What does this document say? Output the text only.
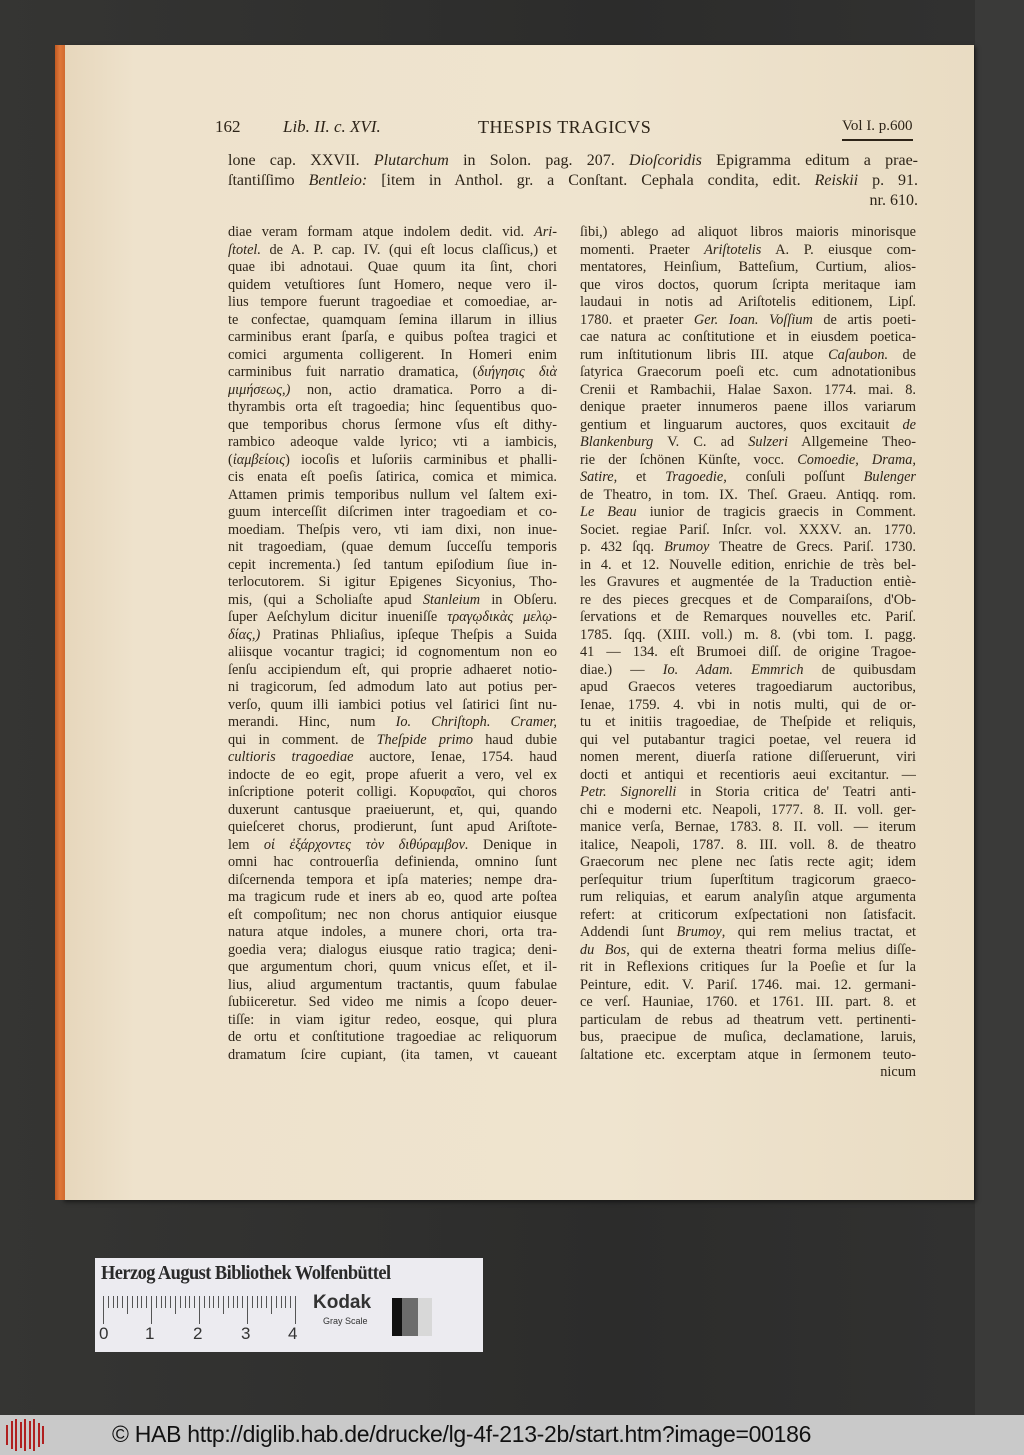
162	Lib. II. c. XVI.	THESPIS TRAGICVS	Vol I. p.600
lone cap. XXVII. Plutarchum in Solon. pag. 207. Dioſcoridis Epigramma editum a prae-
ſtantiſſimo Bentleio: [item in Anthol. gr. a Conſtant. Cephala condita, edit. Reiskii p. 91.
nr. 610.
diae veram formam atque indolem dedit. vid. Ari-
ſtotel. de A. P. cap. IV. (qui eſt locus claſſicus,) et
quae ibi adnotaui. Quae quum ita ſint, chori
quidem vetuſtiores ſunt Homero, neque vero il-
lius tempore fuerunt tragoediae et comoediae, ar-
te confectae, quamquam ſemina illarum in illius
carminibus erant ſparſa, e quibus poſtea tragici et
comici argumenta colligerent. In Homeri enim
carminibus fuit narratio dramatica, (διήγησις διὰ
μιμήσεως,) non, actio dramatica. Porro a di-
thyrambis orta eſt tragoedia; hinc ſequentibus quo-
que temporibus chorus ſermone vſus eſt dithy-
rambico adeoque valde lyrico; vti a iambicis,
(ἰαμβείοις) iocoſis et luſoriis carminibus et phalli-
cis enata eſt poeſis ſatirica, comica et mimica.
Attamen primis temporibus nullum vel ſaltem exi-
guum interceſſit diſcrimen inter tragoediam et co-
moediam. Theſpis vero, vti iam dixi, non inue-
nit tragoediam, (quae demum ſucceſſu temporis
cepit incrementa.) ſed tantum epiſodium ſiue in-
terlocutorem. Si igitur Epigenes Sicyonius, Tho-
mis, (qui a Scholiaſte apud Stanleium in Obſeru.
ſuper Aeſchylum dicitur inueniſſe τραγῳδικὰς μελῳ-
δίας,) Pratinas Phliaſius, ipſeque Theſpis a Suida
aliisque vocantur tragici; id cognomentum non eo
ſenſu accipiendum eſt, qui proprie adhaeret notio-
ni tragicorum, ſed admodum lato aut potius per-
verſo, quum illi iambici potius vel ſatirici ſint nu-
merandi. Hinc, num Io. Chriſtoph. Cramer,
qui in comment. de Theſpide primo haud dubie
cultioris tragoediae auctore, Ienae, 1754. haud
indocte de eo egit, prope afuerit a vero, vel ex
inſcriptione poterit colligi. Κορυφαῖοι, qui choros
duxerunt cantusque praeiuerunt, et, qui, quando
quieſceret chorus, prodierunt, ſunt apud Ariſtote-
lem οἱ ἐξάρχοντες τὸν διθύραμβον. Denique in
omni hac controuerſia definienda, omnino ſunt
diſcernenda tempora et ipſa materies; nempe dra-
ma tragicum rude et iners ab eo, quod arte poſtea
eſt compoſitum; nec non chorus antiquior eiusque
natura atque indoles, a munere chori, orta tra-
goedia vera; dialogus eiusque ratio tragica; deni-
que argumentum chori, quum vnicus eſſet, et il-
lius, aliud argumentum tractantis, quum fabulae
ſubiiceretur. Sed video me nimis a ſcopo deuer-
tiſſe: in viam igitur redeo, eosque, qui plura
de ortu et conſtitutione tragoediae ac reliquorum
dramatum ſcire cupiant, (ita tamen, vt caueant
ſibi,) ablego ad aliquot libros maioris minorisque
momenti. Praeter Ariſtotelis A. P. eiusque com-
mentatores, Heinſium, Batteſium, Curtium, alios-
que viros doctos, quorum ſcripta meritaque iam
laudaui in notis ad Ariſtotelis editionem, Lipſ.
1780. et praeter Ger. Ioan. Voſſium de artis poeti-
cae natura ac conſtitutione et in eiusdem poetica-
rum inſtitutionum libris III. atque Caſaubon. de
ſatyrica Graecorum poeſi etc. cum adnotationibus
Crenii et Rambachii, Halae Saxon. 1774. mai. 8.
denique praeter innumeros paene illos variarum
gentium et linguarum auctores, quos excitauit de
Blankenburg V. C. ad Sulzeri Allgemeine Theo-
rie der ſchönen Künſte, vocc. Comoedie, Drama,
Satire, et Tragoedie, conſuli poſſunt Bulenger
de Theatro, in tom. IX. Theſ. Graeu. Antiqq. rom.
Le Beau iunior de tragicis graecis in Comment.
Societ. regiae Pariſ. Inſcr. vol. XXXV. an. 1770.
p. 432 ſqq. Brumoy Theatre de Grecs. Pariſ. 1730.
in 4. et 12. Nouvelle edition, enrichie de très bel-
les Gravures et augmentée de la Traduction entiè-
re des pieces grecques et de Comparaiſons, d'Ob-
ſervations et de Remarques nouvelles etc. Pariſ.
1785. ſqq. (XIII. voll.) m. 8. (vbi tom. I. pagg.
41 — 134. eſt Brumoei diſſ. de origine Tragoe-
diae.) — Io. Adam. Emmrich de quibusdam
apud Graecos veteres tragoediarum auctoribus,
Ienae, 1759. 4. vbi in notis multi, qui de or-
tu et initiis tragoediae, de Theſpide et reliquis,
qui vel putabantur tragici poetae, vel reuera id
nomen merent, diuerſa ratione diſſeruerunt, viri
docti et antiqui et recentioris aeui excitantur. —
Petr. Signorelli in Storia critica de' Teatri anti-
chi e moderni etc. Neapoli, 1777. 8. II. voll. ger-
manice verſa, Bernae, 1783. 8. II. voll. — iterum
italice, Neapoli, 1787. 8. III. voll. 8. de theatro
Graecorum nec plene nec ſatis recte agit; idem
perſequitur trium ſuperſtitum tragicorum graeco-
rum reliquias, et earum analyſin atque argumenta
refert: at criticorum exſpectationi non ſatisfacit.
Addendi ſunt Brumoy, qui rem melius tractat, et
du Bos, qui de externa theatri forma melius diſſe-
rit in Reflexions critiques ſur la Poeſie et ſur la
Peinture, edit. V. Pariſ. 1746. mai. 12. germani-
ce verſ. Hauniae, 1760. et 1761. III. part. 8. et
particulam de rebus ad theatrum vett. pertinenti-
bus, praecipue de muſica, declamatione, laruis,
ſaltatione etc. excerptam atque in ſermonem teuto-
nicum
Herzog August Bibliothek Wolfenbüttel
0 1 2 3 4
Kodak
Gray Scale
© HAB http://diglib.hab.de/drucke/lg-4f-213-2b/start.htm?image=00186
